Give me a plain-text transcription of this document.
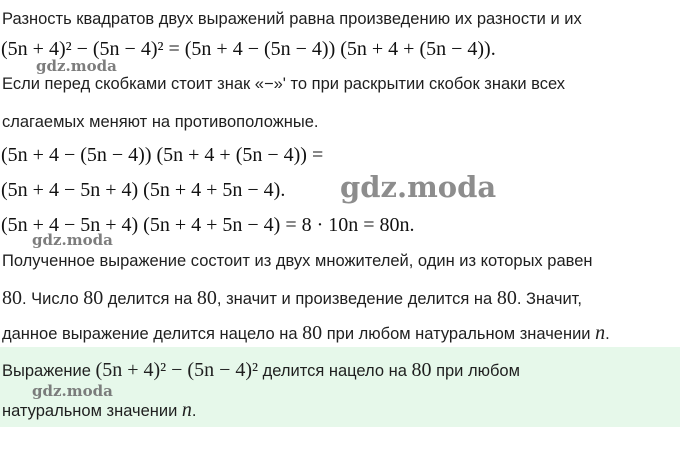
Разность квадратов двух выражений равна произведению их разности и их
(5n + 4)² − (5n − 4)² = (5n + 4 − (5n − 4)) (5n + 4 + (5n − 4)).
gdz.moda
Если перед скобками стоит знак «−»' то при раскрытии скобок знаки всех
слагаемых меняют на противоположные.
(5n + 4 − (5n − 4)) (5n + 4 + (5n − 4)) =
(5n + 4 − 5n + 4) (5n + 4 + 5n − 4). gdz.moda
(5n + 4 − 5n + 4) (5n + 4 + 5n − 4) = 8 · 10n = 80n.
gdz.moda
Полученное выражение состоит из двух множителей, один из которых равен
80. Число 80 делится на 80, значит и произведение делится на 80. Значит,
данное выражение делится нацело на 80 при любом натуральном значении n.
Выражение (5n + 4)² − (5n − 4)² делится нацело на 80 при любом
gdz.moda
натуральном значении n.
